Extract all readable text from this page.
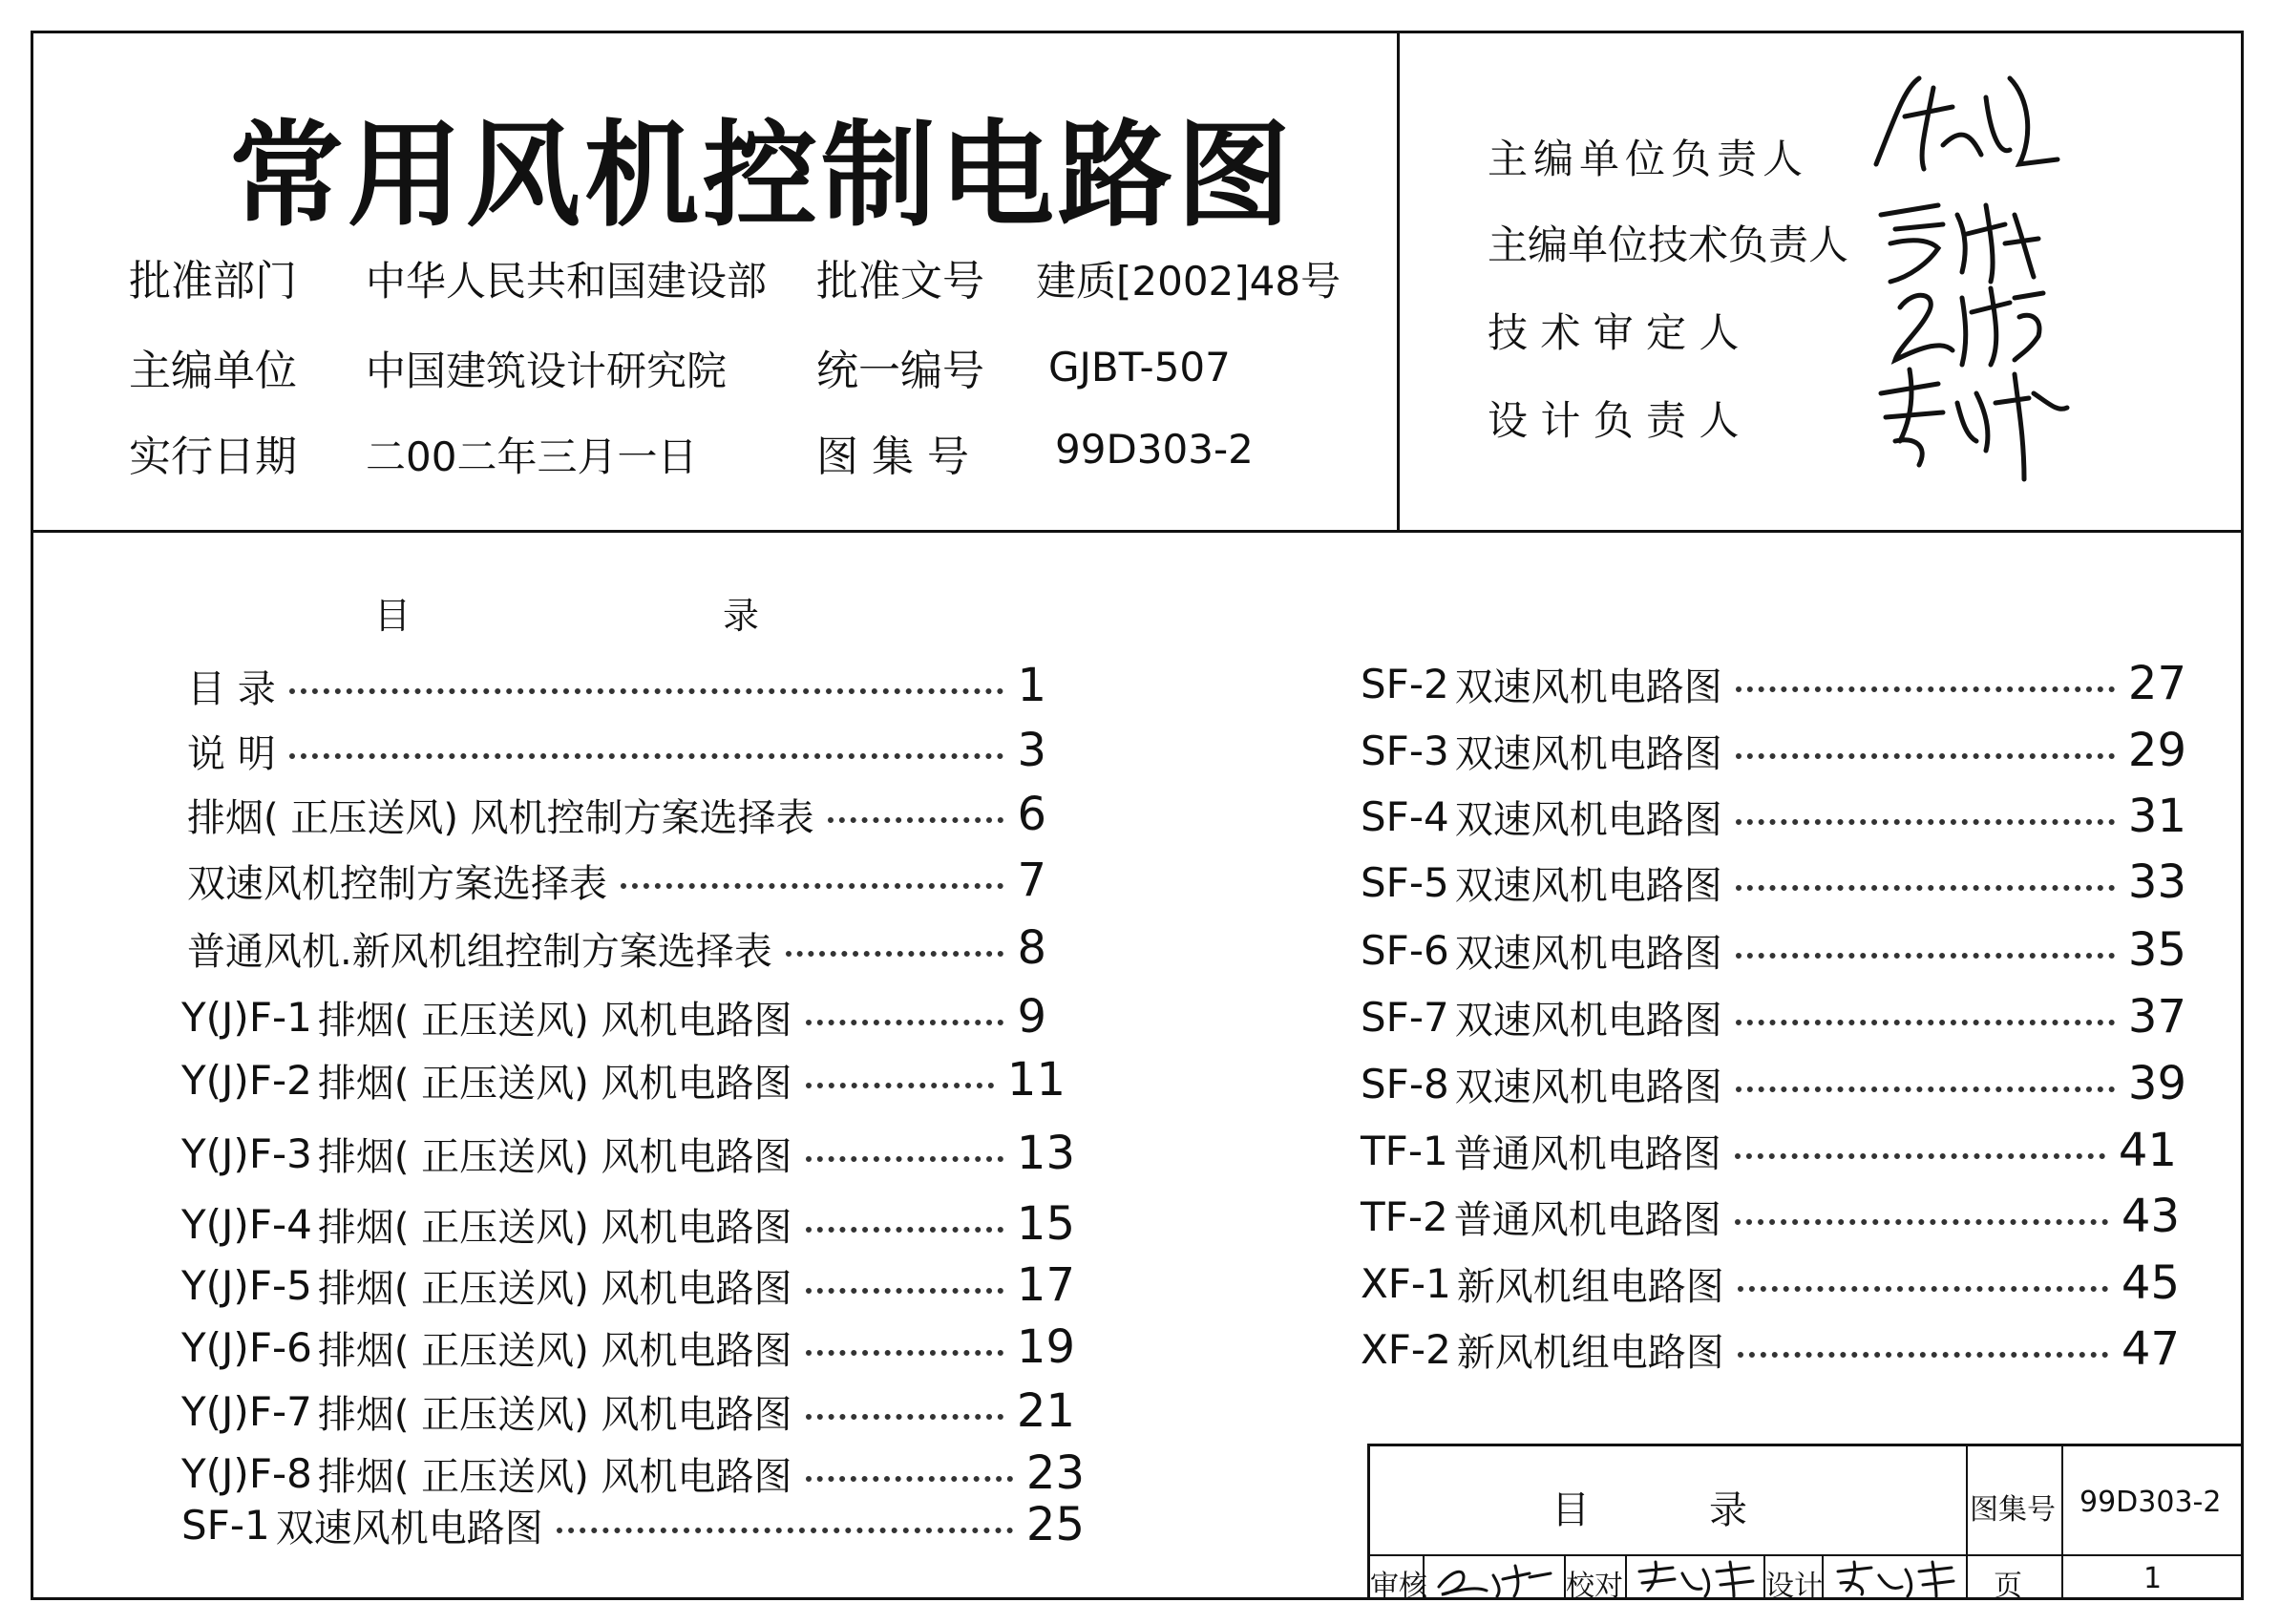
常用风机控制电路图
批准部门 中华人民共和国建设部 批准文号 建质[2002]48号
主编单位 中国建筑设计研究院 统一编号 GJBT-507
实行日期 二00二年三月一日	图 集 号 99D303-2
主编单位负责人
主编单位技术负责人
技 术 审 定 人
设 计 负 责 人
目	录
目 录	1
说 明	3
排烟( 正压送风) 风机控制方案选择表	6
双速风机控制方案选择表	7
普通风机.新风机组控制方案选择表	8
Y(J)F-1 排烟( 正压送风) 风机电路图	9
Y(J)F-2 排烟( 正压送风) 风机电路图	11
Y(J)F-3 排烟( 正压送风) 风机电路图	13
Y(J)F-4 排烟( 正压送风) 风机电路图	15
Y(J)F-5 排烟( 正压送风) 风机电路图	17
Y(J)F-6 排烟( 正压送风) 风机电路图	19
Y(J)F-7 排烟( 正压送风) 风机电路图	21
Y(J)F-8 排烟( 正压送风) 风机电路图	23
SF-1 双速风机电路图	25
SF-2 双速风机电路图	27
SF-3 双速风机电路图	29
SF-4 双速风机电路图	31
SF-5 双速风机电路图	33
SF-6 双速风机电路图	35
SF-7 双速风机电路图	37
SF-8 双速风机电路图	39
TF-1 普通风机电路图	41
TF-2 普通风机电路图	43
XF-1 新风机组电路图	45
XF-2 新风机组电路图	47
目	录	图集号 99D303-2
审核	校对	设计	页	1
